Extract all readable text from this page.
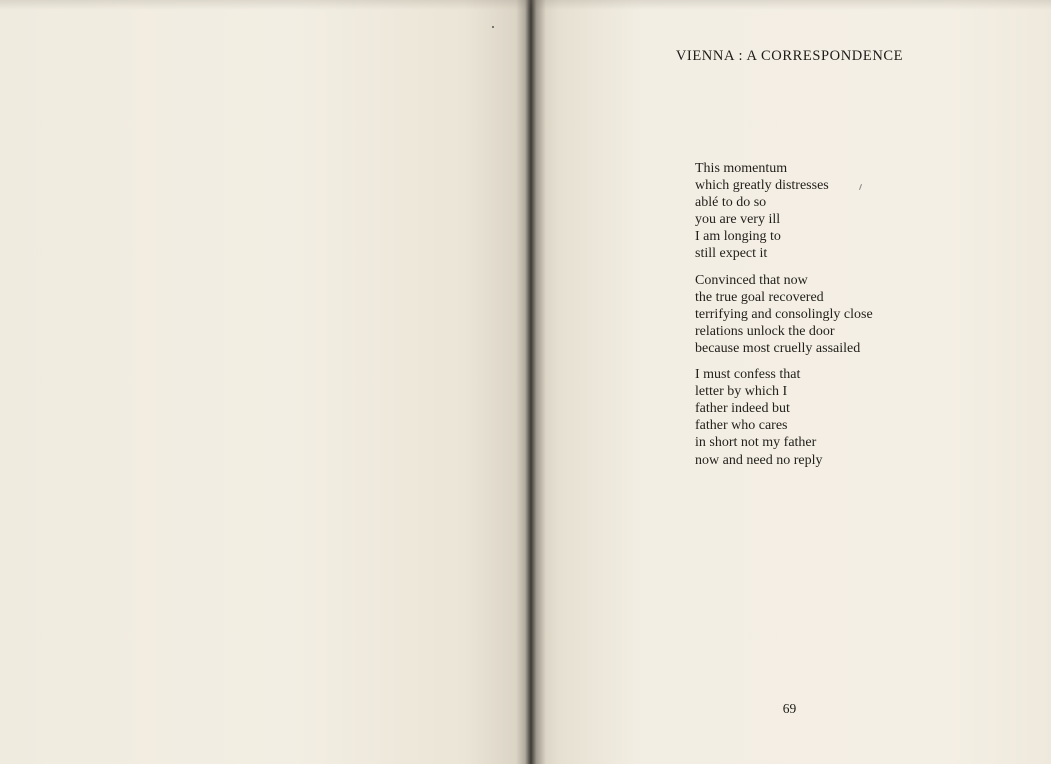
VIENNA : A CORRESPONDENCE
This momentum
which greatly distresses
ablé to do so
you are very ill
I am longing to
still expect it
Convinced that now
the true goal recovered
terrifying and consolingly close
relations unlock the door
because most cruelly assailed
I must confess that
letter by which I
father indeed but
father who cares
in short not my father
now and need no reply
69
